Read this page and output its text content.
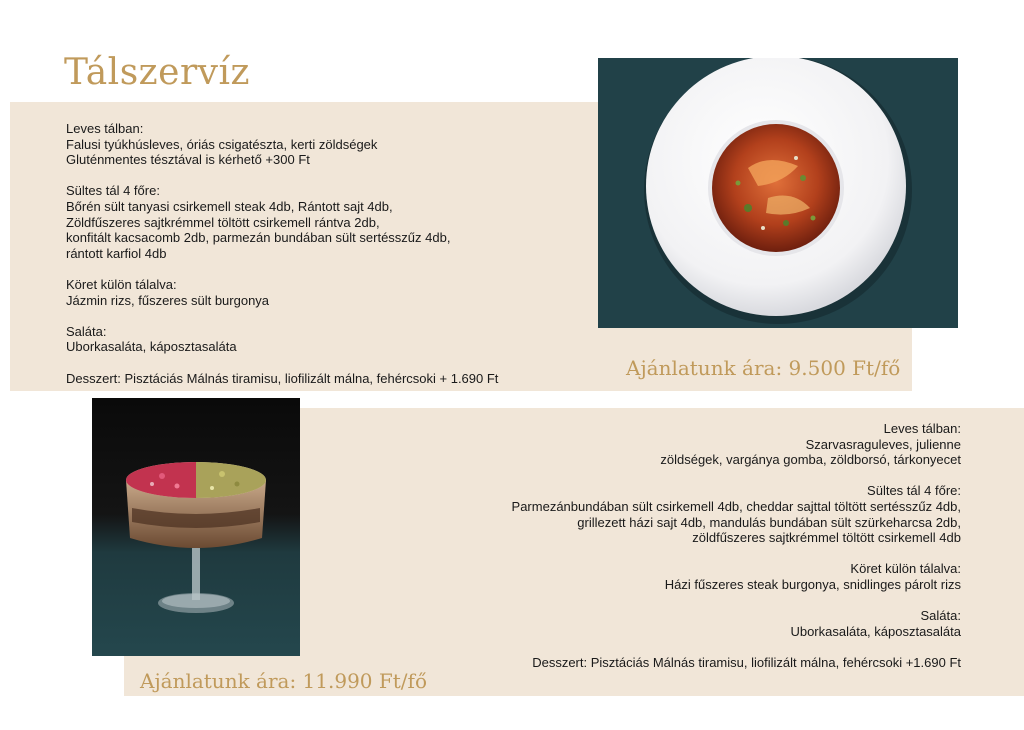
Tálszervíz

Leves tálban:
Falusi tyúkhúsleves, óriás csigatészta, kerti zöldségek
Gluténmentes tésztával is kérhető +300 Ft

Sültes tál 4 főre:
Bőrén sült tanyasi csirkemell steak 4db, Rántott sajt 4db,
Zöldfűszeres sajtkrémmel töltött csirkemell rántva 2db,
konfitált kacsacomb 2db, parmezán bundában sült sertésszűz 4db,
rántott karfiol 4db

Köret külön tálalva:
Jázmin rizs, fűszeres sült burgonya

Saláta:
Uborkasaláta, káposztasaláta

Desszert: Pisztáciás Málnás tiramisu, liofilizált málna, fehércsoki + 1.690 Ft	Ajánlatunk ára: 9.500 Ft/fő

Leves tálban:
Szarvasraguleves, julienne
zöldségek, vargánya gomba, zöldborsó, tárkonyecet

Sültes tál 4 főre:
Parmezánbundában sült csirkemell 4db, cheddar sajttal töltött sertésszűz 4db,
grillezett házi sajt 4db, mandulás bundában sült szürkeharcsa 2db,
zöldfűszeres sajtkrémmel töltött csirkemell 4db

Köret külön tálalva:
Házi fűszeres steak burgonya, snidlinges párolt rizs

Saláta:
Uborkasaláta, káposztasaláta

Desszert: Pisztáciás Málnás tiramisu, liofilizált málna, fehércsoki +1.690 Ft

Ajánlatunk ára: 11.990 Ft/fő
